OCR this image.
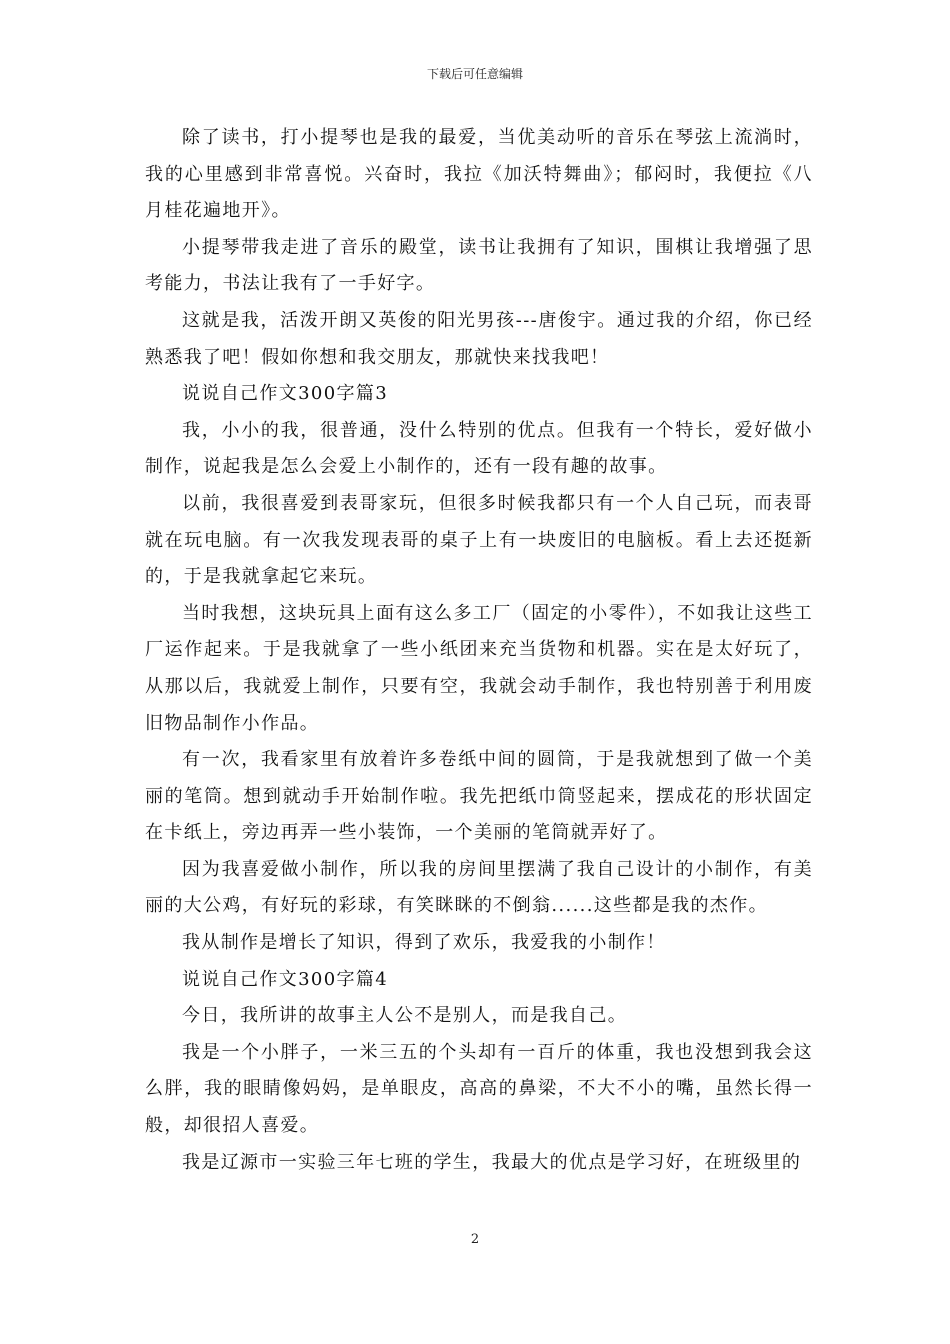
下载后可任意编辑

除了读书，打小提琴也是我的最爱，当优美动听的音乐在琴弦上流淌时，我的心里感到非常喜悦。兴奋时，我拉《加沃特舞曲》；郁闷时，我便拉《八月桂花遍地开》。

小提琴带我走进了音乐的殿堂，读书让我拥有了知识，围棋让我增强了思考能力，书法让我有了一手好字。

这就是我，活泼开朗又英俊的阳光男孩---唐俊宇。通过我的介绍，你已经熟悉我了吧！假如你想和我交朋友，那就快来找我吧！

说说自己作文300字篇3

我，小小的我，很普通，没什么特别的优点。但我有一个特长，爱好做小制作，说起我是怎么会爱上小制作的，还有一段有趣的故事。

以前，我很喜爱到表哥家玩，但很多时候我都只有一个人自己玩，而表哥就在玩电脑。有一次我发现表哥的桌子上有一块废旧的电脑板。看上去还挺新的，于是我就拿起它来玩。

当时我想，这块玩具上面有这么多工厂（固定的小零件），不如我让这些工厂运作起来。于是我就拿了一些小纸团来充当货物和机器。实在是太好玩了，从那以后，我就爱上制作，只要有空，我就会动手制作，我也特别善于利用废旧物品制作小作品。

有一次，我看家里有放着许多卷纸中间的圆筒，于是我就想到了做一个美丽的笔筒。想到就动手开始制作啦。我先把纸巾筒竖起来，摆成花的形状固定在卡纸上，旁边再弄一些小装饰，一个美丽的笔筒就弄好了。

因为我喜爱做小制作，所以我的房间里摆满了我自己设计的小制作，有美丽的大公鸡，有好玩的彩球，有笑眯眯的不倒翁......这些都是我的杰作。

我从制作是增长了知识，得到了欢乐，我爱我的小制作！

说说自己作文300字篇4

今日，我所讲的故事主人公不是别人，而是我自己。

我是一个小胖子，一米三五的个头却有一百斤的体重，我也没想到我会这么胖，我的眼睛像妈妈，是单眼皮，高高的鼻梁，不大不小的嘴，虽然长得一般，却很招人喜爱。

我是辽源市一实验三年七班的学生，我最大的优点是学习好，在班级里的

2
